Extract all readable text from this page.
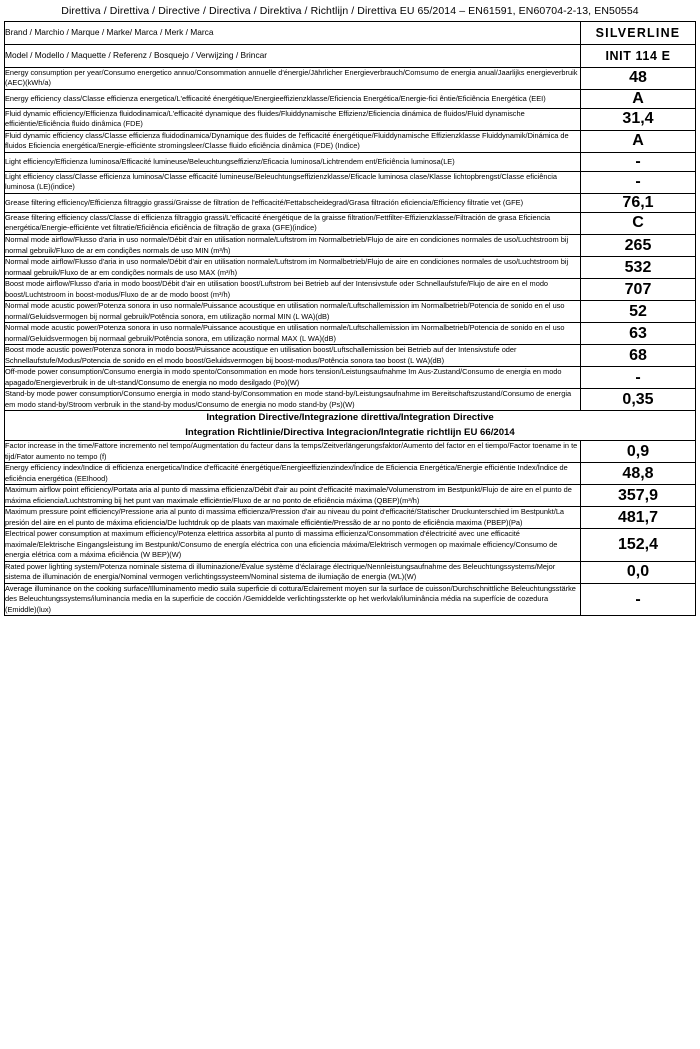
Direttiva / Direttiva / Directive / Directiva / Direktiva / Richtlijn / Direttiva EU 65/2014 – EN61591, EN60704-2-13, EN50554
Brand / Marchio / Marque / Marke/ Marca / Merk / Marca	SILVERLINE
Model / Modello / Maquette / Referenz / Bosquejo / Verwijzing / Brincar	INIT 114 E
Energy consumption per year/Consumo energetico annuo/Consommation annuelle d'énergie/Jährlicher Energieverbrauch/Comsumo de energia anual/Jaarlijks energieverbruik (AEC)(kWh/a)	48
Energy efficiency class/Classe efficienza energetica/L'efficacité énergétique/Energieeffizienzklasse/Eficiencia Energética/Energie-fici êntie/Eficiência Energética (EEI)	A
Fluid dynamic efficiency/Efficienza fluidodinamica/L'efficacité dynamique des fluides/Fluiddynamische Effizienz/Eficiencia dinámica de fluidos/Fluid dynamische efficiëntie/Eficiência fluido dinâmica (FDE)	31,4
Fluid dynamic efficiency class/Classe efficienza fluidodinamica/Dynamique des fluides de l'efficacité énergétique/Fluiddynamische Effizienzklasse Fluiddynamik/Dinámica de fluidos Eficiencia energética/Energie-efficiënte stromingsleer/Classe fluido eficiência dinâmica (FDE) (Indice)	A
Light efficiency/Efficienza luminosa/Efficacité lumineuse/Beleuchtungseffizienz/Eficacia luminosa/Lichtrendem ent/Eficiência luminosa(LE)	-
Light efficiency class/Classe efficienza luminosa/Classe efficacité lumineuse/Beleuchtungseffizienzklasse/Eficacle luminosa clase/Klasse lichtopbrengst/Classe eficiência luminosa (LE)(indice)	-
Grease filtering efficiency/Efficienza filtraggio grassi/Graisse de filtration de l'efficacité/Fettabscheidegrad/Grasa filtración eficiencia/Efficiency filtratie vet (GFE)	76,1
Grease filtering efficiency class/Classe di efficienza filtraggio grassi/L'efficacité énergétique de la graisse filtration/Fettfilter-Effizienzklasse/Filtración de grasa Eficiencia energética/Energie-efficiënte vet filtratie/Eficiência eficiência de filtração de graxa (GFE)(indice)	C
Normal mode airflow/Flusso d'aria in uso normale/Débit d'air en utilisation normale/Luftstrom im Normalbetrieb/Flujo de aire en condiciones normales de uso/Luchtstroom bij normal gebruik/Fluxo de ar em condições normals de uso MIN (m³/h)	265
Normal mode airflow/Flusso d'aria in uso normale/Débit d'air en utilisation normale/Luftstrom im Normalbetrieb/Flujo de aire en condiciones normales de uso/Luchtstroom bij normaal gebruik/Fluxo de ar em condições normals de uso MAX (m³/h)	532
Boost mode airflow/Flusso d'aria in modo boost/Débit d'air en utilisation boost/Luftstrom bei Betrieb auf der Intensivstufe oder Schnellaufstufe/Flujo de aire en el modo boost/Luchtstroom in boost-modus/Fluxo de ar de modo boost (m³/h)	707
Normal mode acustic power/Potenza sonora in uso normale/Puissance acoustique en utilisation normale/Luftschallemission im Normalbetrieb/Potencia de sonido en el uso normal/Geluidsvermogen bij normal gebruik/Potência sonora, em utilização normal MIN (L WA)(dB)	52
Normal mode acustic power/Potenza sonora in uso normale/Puissance acoustique en utilisation normale/Luftschallemission im Normalbetrieb/Potencia de sonido en el uso normal/Geluidsvermogen bij normaal gebruik/Potência sonora, em utilização normal MAX (L WA)(dB)	63
Boost mode acustic power/Potenza sonora in modo boost/Puissance acoustique en utilisation boost/Luftschallemission bei Betrieb auf der Intensivstufe oder Schnellaufstufe/Modus/Potencia de sonido en el modo boost/Geluidsvermogen bij boost-modus/Potência sonora tao boost (L WA)(dB)	68
Off-mode power consumption/Consumo energia in modo spento/Consommation en mode hors tension/Leistungsaufnahme Im Aus-Zustand/Consumo de energia en modo apagado/Energieverbruik in de ult-stand/Consumo de energia no modo desilgado (Po)(W)	-
Stand-by mode power consumption/Consumo energia in modo stand-by/Consommation en mode stand-by/Leistungsaufnahme im Bereitschaftszustand/Consumo de energia em modo stand-by/Stroom verbruik in the stand-by modus/Consumo de energia no modo stand-by (Ps)(W)	0,35

Integration Directive/Integrazione direttiva/Integration Directive
Integration Richtlinie/Directiva Integracion/Integratie richtlijn EU 66/2014	

Factor increase in the time/Fattore incremento nel tempo/Augmentation du facteur dans la temps/Zeitverlängerungsfaktor/Aumento del factor en el tiempo/Factor toename in te tijd/Fator aumento no tempo (f)	0,9
Energy efficiency index/Indice di efficienza energetica/Indice d'efficacité énergétique/Energieeffizienzindex/Índice de Eficiencia Energética/Energie efficiëntie Index/Índice de eficiência energética (EEIhood)	48,8
Maximum airflow point efficiency/Portata aria al punto di massima efficienza/Débit d'air au point d'efficacité maximale/Volumenstrom im Bestpunkt/Flujo de aire en el punto de máxima eficiencia/Luchtstroming bij het punt van maximale efficiëntie/Fluxo de ar no ponto de eficiência máxima (QBEP)(m³/h)	357,9
Maximum pressure point efficiency/Pressione aria al punto di massima efficienza/Pression d'air au niveau du point d'efficacité/Statischer Druckunterschied im Bestpunkt/La presión del aire en el punto de máxima eficiencia/De luchtdruk op de plaats van maximale efficiëntie/Pressão de ar no ponto de eficiência maxima (PBEP)(Pa)	481,7
Electrical power consumption at maximum efficiency/Potenza elettrica assorbita al punto di massima efficienza/Consommation d'électricité avec une efficacité maximale/Elektrische Eingangsleistung im Bestpunkt/Consumo de energía eléctrica con una eficiencia máxima/Elektrisch vermogen op maximale efficiency/Consumo de energia elétrica com a máxima eficiência (W BEP)(W)	152,4
Rated power lighting system/Potenza nominale sistema di illuminazione/Évalue système d'éclairage électrique/Nennleistungsaufnahme des Beleuchtungssystems/Mejor sistema de illuminación de energia/Nominal vermogen verlichtingssysteem/Nominal sistema de ilumiação de energia (WL)(W)	0,0
Average illuminance on the cooking surface/Illuminamento medio suila superficie di cottura/Eclairement moyen sur la surface de cuisson/Durchschnittliche Beleuchtungsstärke des Beleuchtungssystems/iluminancia media en la superficie de cocción /Gemiddelde verlichtingssterkte op het werkvlak/iluminância média na superfície de cozedura (Emiddle)(lux)	-
